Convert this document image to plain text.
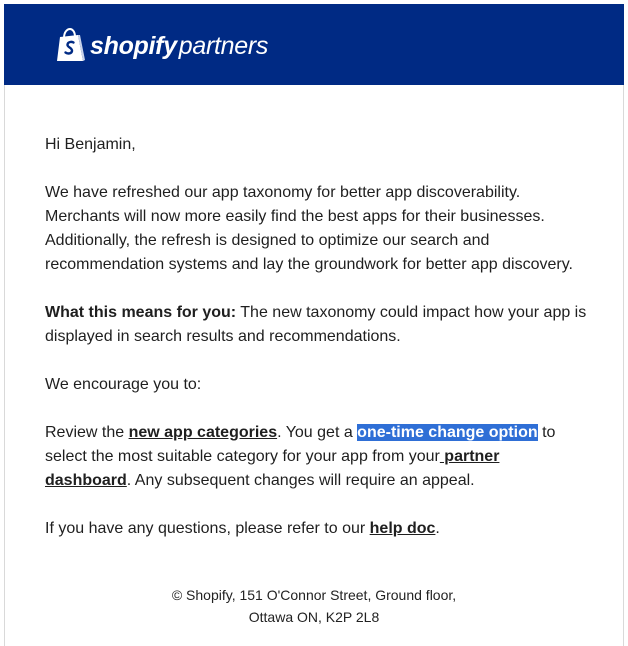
shopifypartners

Hi Benjamin,

We have refreshed our app taxonomy for better app discoverability. Merchants will now more easily find the best apps for their businesses. Additionally, the refresh is designed to optimize our search and recommendation systems and lay the groundwork for better app discovery.

What this means for you: The new taxonomy could impact how your app is displayed in search results and recommendations.

We encourage you to:

Review the new app categories. You get a one-time change option to select the most suitable category for your app from your partner dashboard. Any subsequent changes will require an appeal.

If you have any questions, please refer to our help doc.

© Shopify, 151 O'Connor Street, Ground floor,
Ottawa ON, K2P 2L8
